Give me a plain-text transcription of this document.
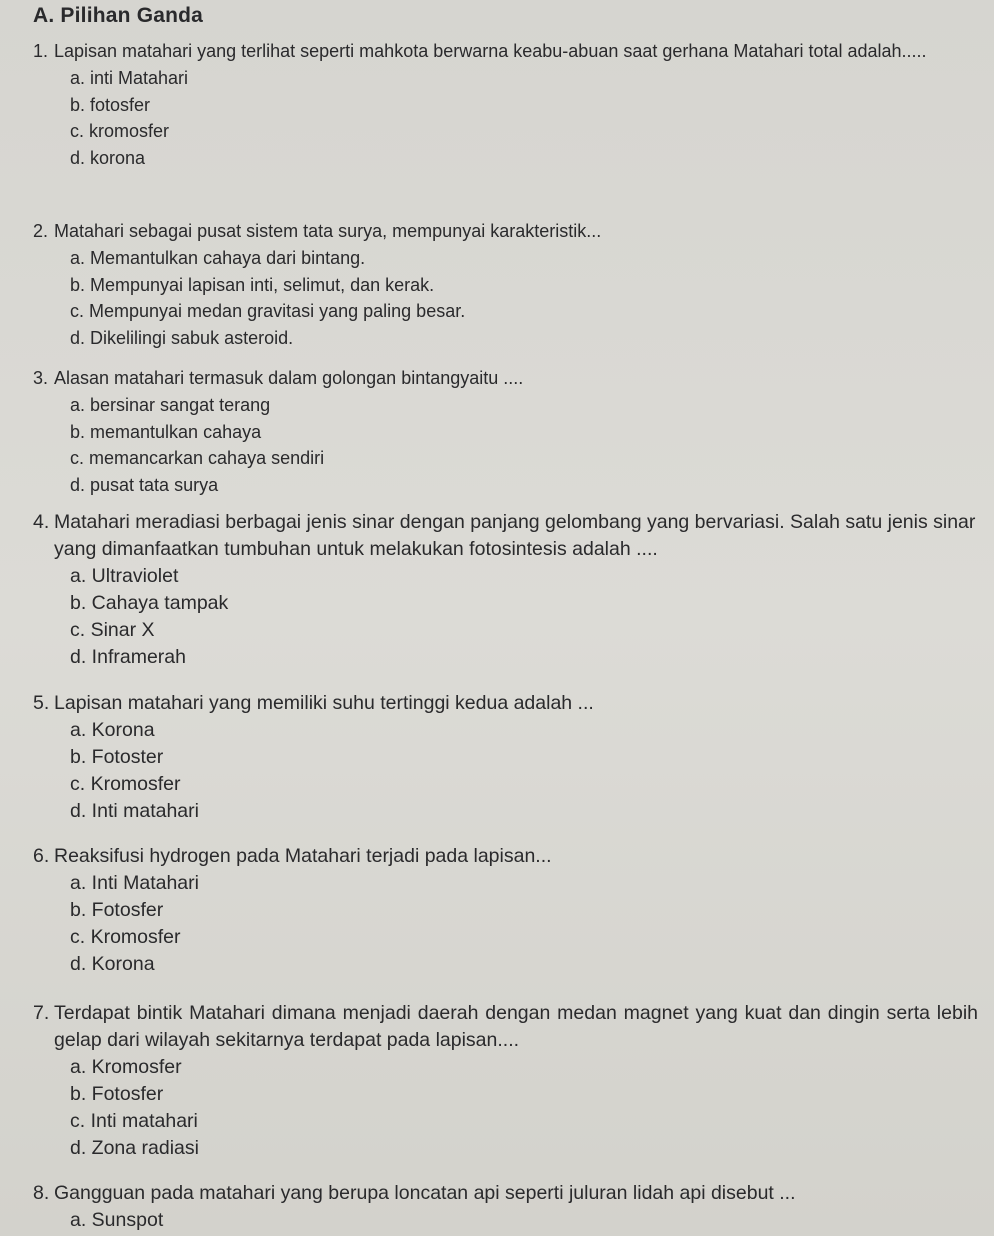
A. Pilihan Ganda
1. Lapisan matahari yang terlihat seperti mahkota berwarna keabu-abuan saat gerhana Matahari total adalah.....
a. inti Matahari
b. fotosfer
c. kromosfer
d. korona
2. Matahari sebagai pusat sistem tata surya, mempunyai karakteristik...
a. Memantulkan cahaya dari bintang.
b. Mempunyai lapisan inti, selimut, dan kerak.
c. Mempunyai medan gravitasi yang paling besar.
d. Dikelilingi sabuk asteroid.
3. Alasan matahari termasuk dalam golongan bintangyaitu ....
a. bersinar sangat terang
b. memantulkan cahaya
c. memancarkan cahaya sendiri
d. pusat tata surya
4. Matahari meradiasi berbagai jenis sinar dengan panjang gelombang yang bervariasi. Salah satu jenis sinar yang dimanfaatkan tumbuhan untuk melakukan fotosintesis adalah ....
a. Ultraviolet
b. Cahaya tampak
c. Sinar X
d. Inframerah
5. Lapisan matahari yang memiliki suhu tertinggi kedua adalah ...
a. Korona
b. Fotoster
c. Kromosfer
d. Inti matahari
6. Reaksifusi hydrogen pada Matahari terjadi pada lapisan...
a. Inti Matahari
b. Fotosfer
c. Kromosfer
d. Korona
7. Terdapat bintik Matahari dimana menjadi daerah dengan medan magnet yang kuat dan dingin serta lebih gelap dari wilayah sekitarnya terdapat pada lapisan....
a. Kromosfer
b. Fotosfer
c. Inti matahari
d. Zona radiasi
8. Gangguan pada matahari yang berupa loncatan api seperti juluran lidah api disebut ...
a. Sunspot
